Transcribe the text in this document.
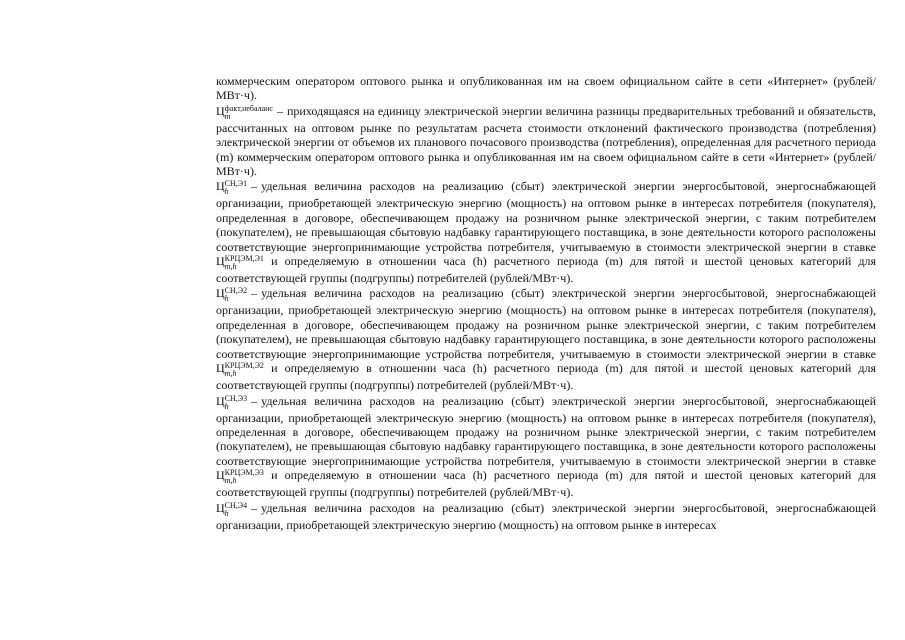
коммерческим оператором оптового рынка и опубликованная им на своем официальном сайте в сети «Интернет» (рублей/МВт·ч).

Ц факт,небаланс
m	– приходящаяся на единицу электрической энергии величина разницы предварительных требований и обязательств, рассчитанных на оптовом рынке по результатам расчета стоимости отклонений фактического производства (потребления) электрической энергии от объемов их планового почасового производства (потребления), определенная для расчетного периода (m) коммерческим оператором оптового рынка и опубликованная им на своем официальном сайте в сети «Интернет» (рублей/МВт·ч).

Ц СН,Э1
h	– удельная величина расходов на реализацию (сбыт) электрической энергии энергосбытовой, энергоснабжающей организации, приобретающей электрическую энергию (мощность) на оптовом рынке в интересах потребителя (покупателя), определенная в договоре, обеспечивающем продажу на розничном рынке электрической энергии, с таким потребителем (покупателем), не превышающая сбытовую надбавку гарантирующего поставщика, в зоне деятельности которого расположены соответствующие энергопринимающие устройства потребителя, учитываемую в стоимости электрической энергии в ставке Ц КРЦЭМ,Э1
m,h	и определяемую в отношении часа (h) расчетного периода (m) для пятой и шестой ценовых категорий для соответствующей группы (подгруппы) потребителей (рублей/МВт·ч).

Ц СН,Э2
h	– удельная величина расходов на реализацию (сбыт) электрической энергии энергосбытовой, энергоснабжающей организации, приобретающей электрическую энергию (мощность) на оптовом рынке в интересах потребителя (покупателя), определенная в договоре, обеспечивающем продажу на розничном рынке электрической энергии, с таким потребителем (покупателем), не превышающая сбытовую надбавку гарантирующего поставщика, в зоне деятельности которого расположены соответствующие энергопринимающие устройства потребителя, учитываемую в стоимости электрической энергии в ставке Ц КРЦЭМ,Э2
m,h	и определяемую в отношении часа (h) расчетного периода (m) для пятой и шестой ценовых категорий для соответствующей группы (подгруппы) потребителей (рублей/МВт·ч).

Ц СН,Э3
h	– удельная величина расходов на реализацию (сбыт) электрической энергии энергосбытовой, энергоснабжающей организации, приобретающей электрическую энергию (мощность) на оптовом рынке в интересах потребителя (покупателя), определенная в договоре, обеспечивающем продажу на розничном рынке электрической энергии, с таким потребителем (покупателем), не превышающая сбытовую надбавку гарантирующего поставщика, в зоне деятельности которого расположены соответствующие энергопринимающие устройства потребителя, учитываемую в стоимости электрической энергии в ставке Ц КРЦЭМ,Э3
m,h	и определяемую в отношении часа (h) расчетного периода (m) для пятой и шестой ценовых категорий для соответствующей группы (подгруппы) потребителей (рублей/МВт·ч).

Ц СН,Э4
h	– удельная величина расходов на реализацию (сбыт) электрической энергии энергосбытовой, энергоснабжающей организации, приобретающей электрическую энергию (мощность) на оптовом рынке в интересах
